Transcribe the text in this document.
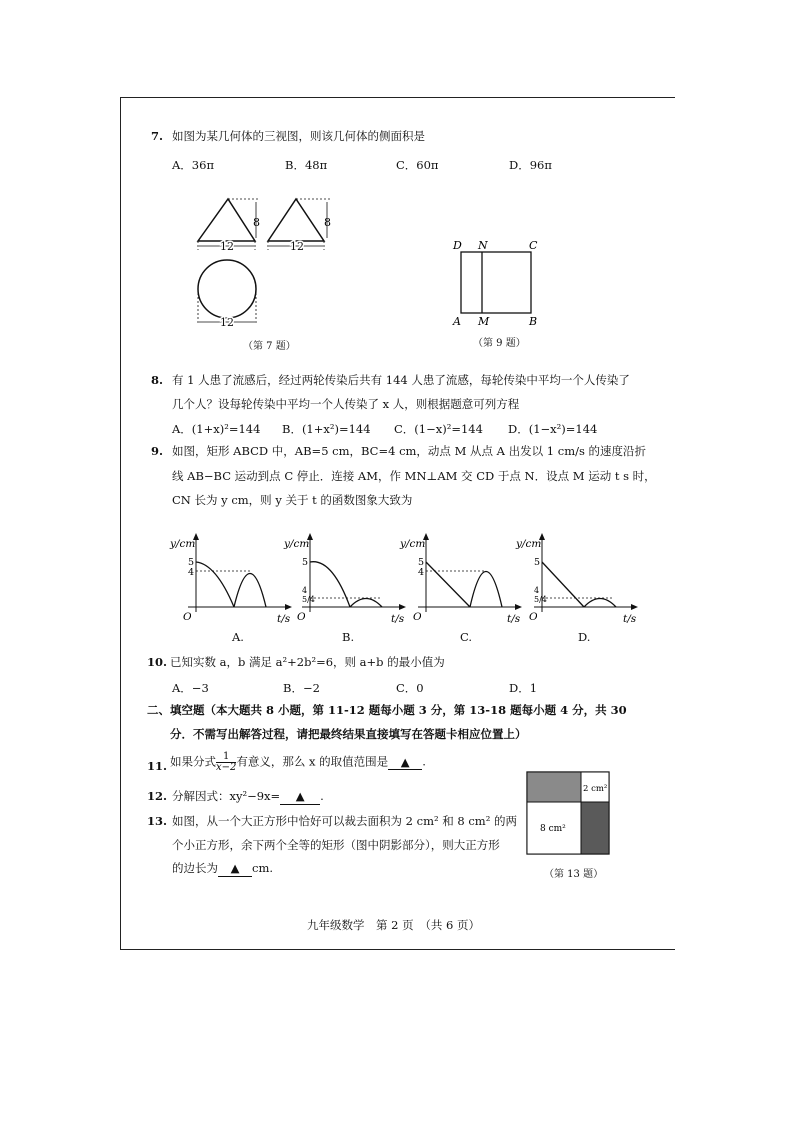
7. 如图为某几何体的三视图，则该几何体的侧面积是
A．36π	B．48π	C．60π	D．96π
8
12
8
12
12
（第 7 题）
D N	C
A M	B
（第 9 题）
8. 有 1 人患了流感后，经过两轮传染后共有 144 人患了流感，每轮传染中平均一个人传染了
几个人？设每轮传染中平均一个人传染了 x 人，则根据题意可列方程
A．(1+x)²=144 B．(1+x²)=144 C．(1−x)²=144 D．(1−x²)=144
9. 如图，矩形 ABCD 中，AB=5 cm，BC=4 cm，动点 M 从点 A 出发以 1 cm/s 的速度沿折
线 AB−BC 运动到点 C 停止．连接 AM，作 MN⊥AM 交 CD 于点 N．设点 M 运动 t s 时，
CN 长为 y cm，则 y 关于 t 的函数图象大致为
y/cm
5
4
O	t/s
A.
y/cm
5
4
5/4
O	t/s
B.
y/cm
5
4
O	t/s
C.
y/cm
5
4
5/4
O	t/s
D.
10. 已知实数 a，b 满足 a²+2b²=6，则 a+b 的最小值为
A．−3	B．−2	C．0	D．1
二、填空题（本大题共 8 小题，第 11-12 题每小题 3 分，第 13-18 题每小题 4 分，共 30
分．不需写出解答过程，请把最终结果直接填写在答题卡相应位置上）
11. 如果分式 $\frac{1}{x-2}$ 有意义，那么 x 的取值范围是 ▲ .
12. 分解因式：xy²−9x= ▲ .
13. 如图，从一个大正方形中恰好可以裁去面积为 2 cm² 和 8 cm² 的两
个小正方形，余下两个全等的矩形（图中阴影部分），则大正方形
的边长为 ▲ cm.
2 cm²
8 cm²
（第 13 题）
九年级数学　第 2 页　（共 6 页）
